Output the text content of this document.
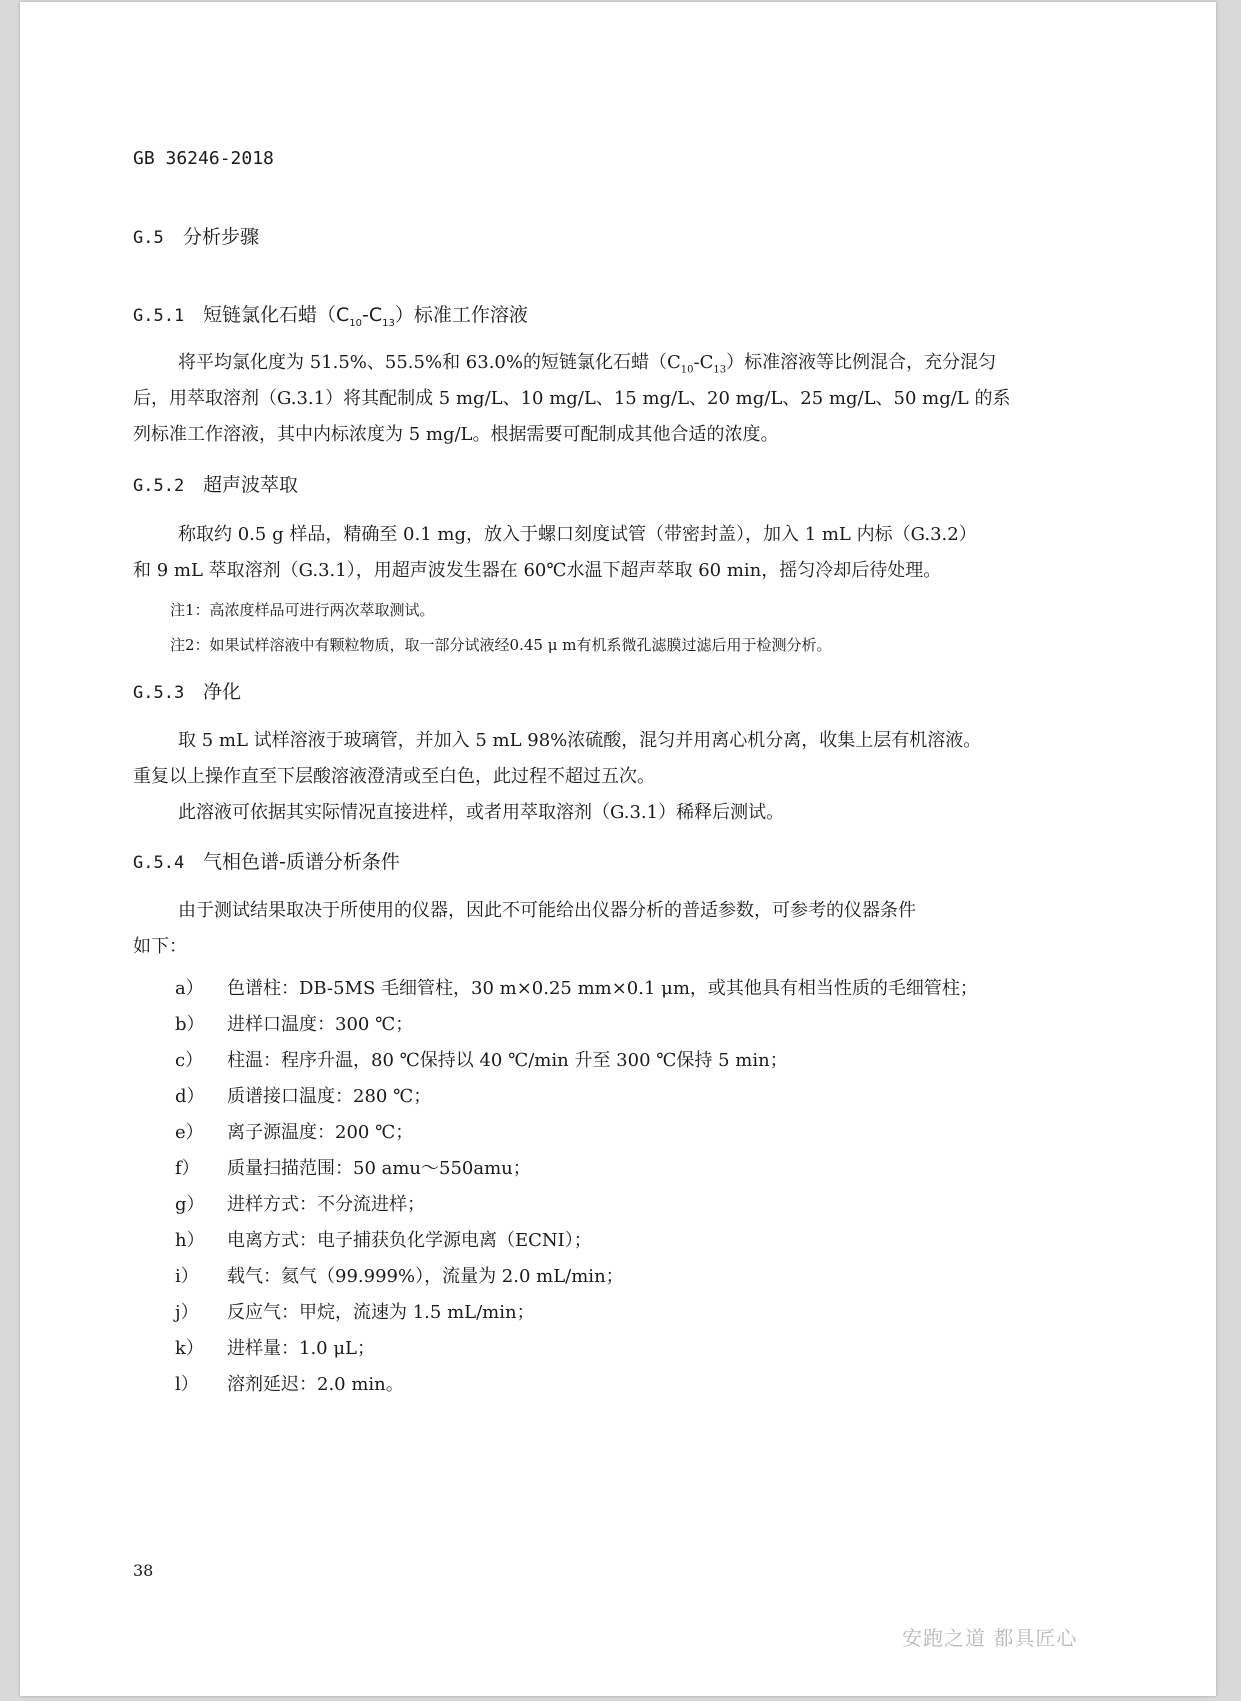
GB 36246-2018
G.5 分析步骤
G.5.1 短链氯化石蜡$(C_{10}-C_{13})$标准工作溶液
将平均氯化度为 51.5%、55.5%和 63.0%的短链氯化石蜡$(C_{10}-C_{13})$标准溶液等比例混合，充分混匀
后，用萃取溶剂（G.3.1）将其配制成 5 mg/L、10 mg/L、15 mg/L、20 mg/L、25 mg/L、50 mg/L 的系
列标准工作溶液，其中内标浓度为 5 mg/L。根据需要可配制成其他合适的浓度。
G.5.2 超声波萃取
称取约 0.5 g 样品，精确至 0.1 mg，放入于螺口刻度试管（带密封盖），加入 1 mL 内标（G.3.2）
和 9 mL 萃取溶剂（G.3.1），用超声波发生器在 60℃水温下超声萃取 60 min，摇匀冷却后待处理。
注1：高浓度样品可进行两次萃取测试。
注2：如果试样溶液中有颗粒物质，取一部分试液经0.45 μ m有机系微孔滤膜过滤后用于检测分析。
G.5.3 净化
取 5 mL 试样溶液于玻璃管，并加入 5 mL 98%浓硫酸，混匀并用离心机分离，收集上层有机溶液。
重复以上操作直至下层酸溶液澄清或至白色，此过程不超过五次。
此溶液可依据其实际情况直接进样，或者用萃取溶剂（G.3.1）稀释后测试。
G.5.4 气相色谱-质谱分析条件
由于测试结果取决于所使用的仪器，因此不可能给出仪器分析的普适参数，可参考的仪器条件
如下：
a） 色谱柱：DB-5MS 毛细管柱，30 m×0.25 mm×0.1 μm，或其他具有相当性质的毛细管柱；
b） 进样口温度：300 ℃；
c） 柱温：程序升温，80 ℃保持以 40 ℃/min 升至 300 ℃保持 5 min；
d） 质谱接口温度：280 ℃；
e） 离子源温度：200 ℃；
f） 质量扫描范围：50 amu～550amu；
g） 进样方式：不分流进样；
h） 电离方式：电子捕获负化学源电离（ECNI）；
i） 载气：氦气（99.999%），流量为 2.0 mL/min；
j） 反应气：甲烷，流速为 1.5 mL/min；
k） 进样量：1.0 μL；
l） 溶剂延迟：2.0 min。
38
安跑之道 都具匠心
